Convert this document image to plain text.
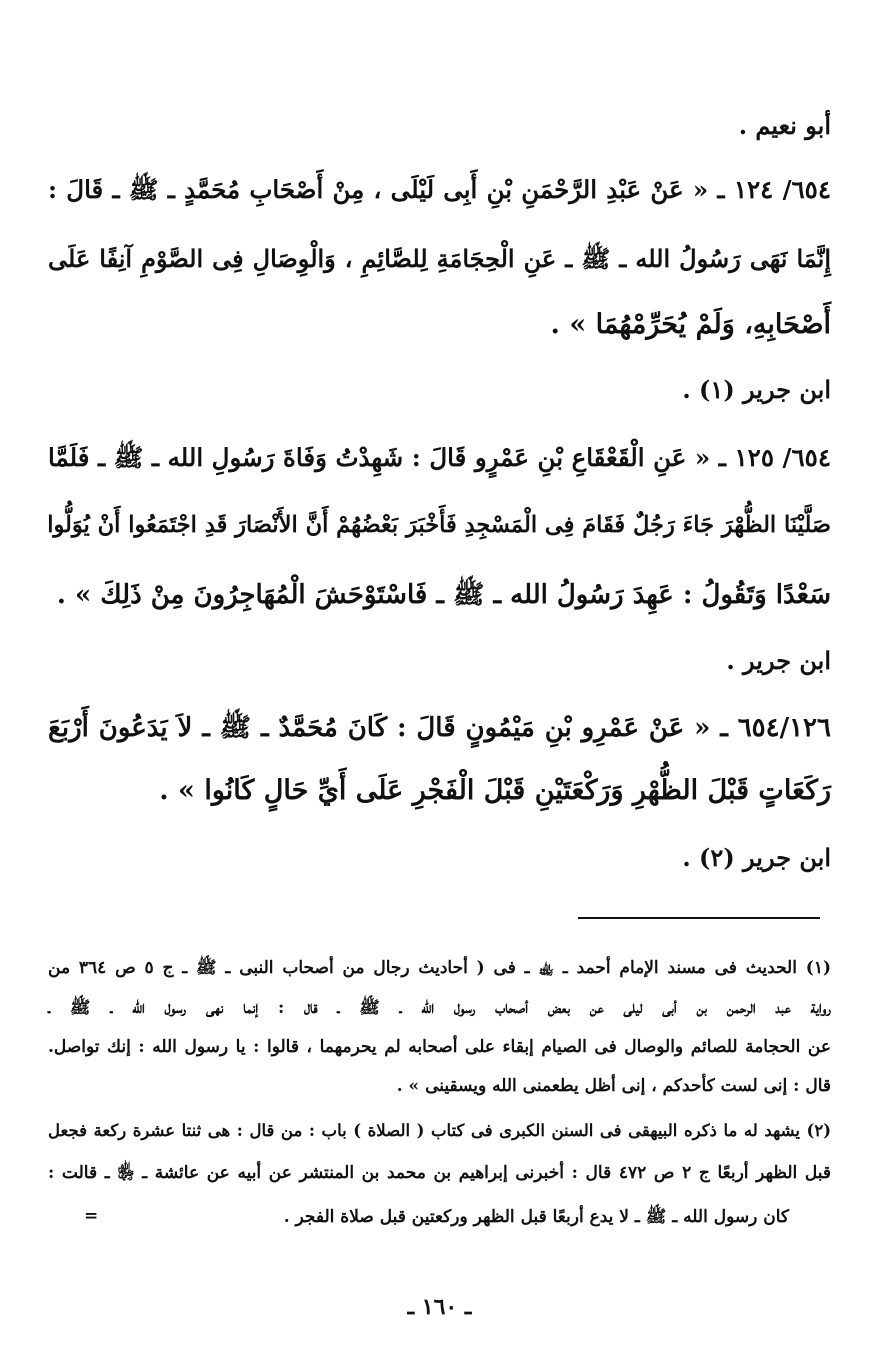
أبو نعيم .
٦٥٤/ ١٢٤ ـ « عَنْ عَبْدِ الرَّحْمَنِ بْنِ أَبِى لَيْلَى ، مِنْ أَصْحَابِ مُحَمَّدٍ ـ ﷺ ـ قَالَ :
إِنَّمَا نَهَى رَسُولُ الله ـ ﷺ ـ عَنِ الْحِجَامَةِ لِلصَّائِمِ ، وَالْوِصَالِ فِى الصَّوْمِ آنِفًا عَلَى
أَصْحَابِهِ، وَلَمْ يُحَرِّمْهُمَا » .
ابن جرير (١) .
٦٥٤/ ١٢٥ ـ « عَنِ الْقَعْقَاعِ بْنِ عَمْرٍو قَالَ : شَهِدْتُ وَفَاةَ رَسُولِ الله ـ ﷺ ـ فَلَمَّا
صَلَّيْنَا الظُّهْرَ جَاءَ رَجُلٌ فَقَامَ فِى الْمَسْجِدِ فَأَخْبَرَ بَعْضُهُمْ أَنَّ الأَنْصَارَ قَدِ اجْتَمَعُوا أَنْ يُوَلُّوا
سَعْدًا وَتَقُولُ : عَهِدَ رَسُولُ الله ـ ﷺ ـ فَاسْتَوْحَشَ الْمُهَاجِرُونَ مِنْ ذَلِكَ » .
ابن جرير .
٦٥٤/١٢٦ ـ « عَنْ عَمْرِو بْنِ مَيْمُونٍ قَالَ : كَانَ مُحَمَّدٌ ـ ﷺ ـ لاَ يَدَعُونَ أَرْبَعَ
رَكَعَاتٍ قَبْلَ الظُّهْرِ وَرَكْعَتَيْنِ قَبْلَ الْفَجْرِ عَلَى أَيِّ حَالٍ كَانُوا » .
ابن جرير (٢) .
(١) الحديث فى مسند الإمام أحمد ـ ﵀ ـ فى ( أحاديث رجال من أصحاب النبى ـ ﷺ ـ ج ٥ ص ٣٦٤ من
رواية عبد الرحمن بن أبى ليلى عن بعض أصحاب رسول الله ـ ﷺ ـ قال : إنما نهى رسول الله ـ ﷺ ـ
عن الحجامة للصائم والوصال فى الصيام إبقاء على أصحابه لم يحرمهما ، قالوا : يا رسول الله : إنك تواصل.
قال : إنى لست كأحدكم ، إنى أظل يطعمنى الله ويسقينى » .
(٢) يشهد له ما ذكره البيهقى فى السنن الكبرى فى كتاب ( الصلاة ) باب : من قال : هى ثنتا عشرة ركعة فجعل
قبل الظهر أربعًا ج ٢ ص ٤٧٢ قال : أخبرنى إبراهيم بن محمد بن المنتشر عن أبيه عن عائشة ـ ﵂ ـ قالت :
كان رسول الله ـ ﷺ ـ لا يدع أربعًا قبل الظهر وركعتين قبل صلاة الفجر .
=
ـ ١٦٠ ـ
